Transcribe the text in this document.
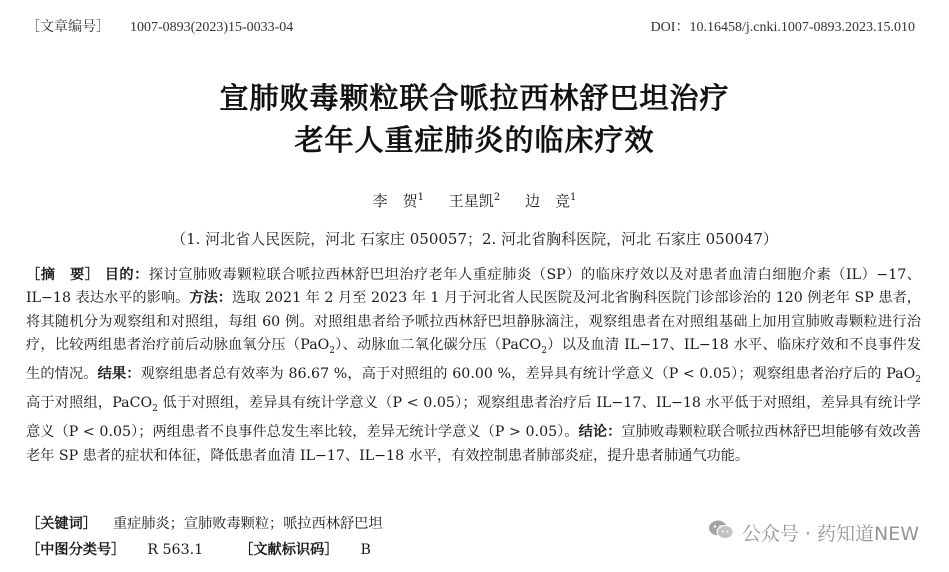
［文章编号］ 1007-0893(2023)15-0033-04	DOI：10.16458/j.cnki.1007-0893.2023.15.010
宣肺败毒颗粒联合哌拉西林舒巴坦治疗
老年人重症肺炎的临床疗效
李　贺$^1$ 王星凯$^2$ 边　竞$^1$
（1. 河北省人民医院，河北 石家庄 050057；2. 河北省胸科医院，河北 石家庄 050047）
［摘　要］ 目的：探讨宣肺败毒颗粒联合哌拉西林舒巴坦治疗老年人重症肺炎（SP）的临床疗效以及对患者血清白细胞介素（IL）−17、IL−18 表达水平的影响。方法：选取 2021 年 2 月至 2023 年 1 月于河北省人民医院及河北省胸科医院门诊部诊治的 120 例老年 SP 患者，将其随机分为观察组和对照组，每组 60 例。对照组患者给予哌拉西林舒巴坦静脉滴注，观察组患者在对照组基础上加用宣肺败毒颗粒进行治疗，比较两组患者治疗前后动脉血氧分压（PaO$_2$）、动脉血二氧化碳分压（PaCO$_2$）以及血清 IL−17、IL−18 水平、临床疗效和不良事件发生的情况。结果：观察组患者总有效率为 86.67 %，高于对照组的 60.00 %，差异具有统计学意义（P < 0.05）；观察组患者治疗后的 PaO$_2$ 高于对照组，PaCO$_2$ 低于对照组，差异具有统计学意义（P < 0.05）；观察组患者治疗后 IL−17、IL−18 水平低于对照组，差异具有统计学意义（P < 0.05）；两组患者不良事件总发生率比较，差异无统计学意义（P > 0.05）。结论：宣肺败毒颗粒联合哌拉西林舒巴坦能够有效改善老年 SP 患者的症状和体征，降低患者血清 IL−17、IL−18 水平，有效控制患者肺部炎症，提升患者肺通气功能。
［关键词］ 重症肺炎；宣肺败毒颗粒；哌拉西林舒巴坦
［中图分类号］ R 563.1	［文献标识码］ B
公众号 · 药知道NEW
